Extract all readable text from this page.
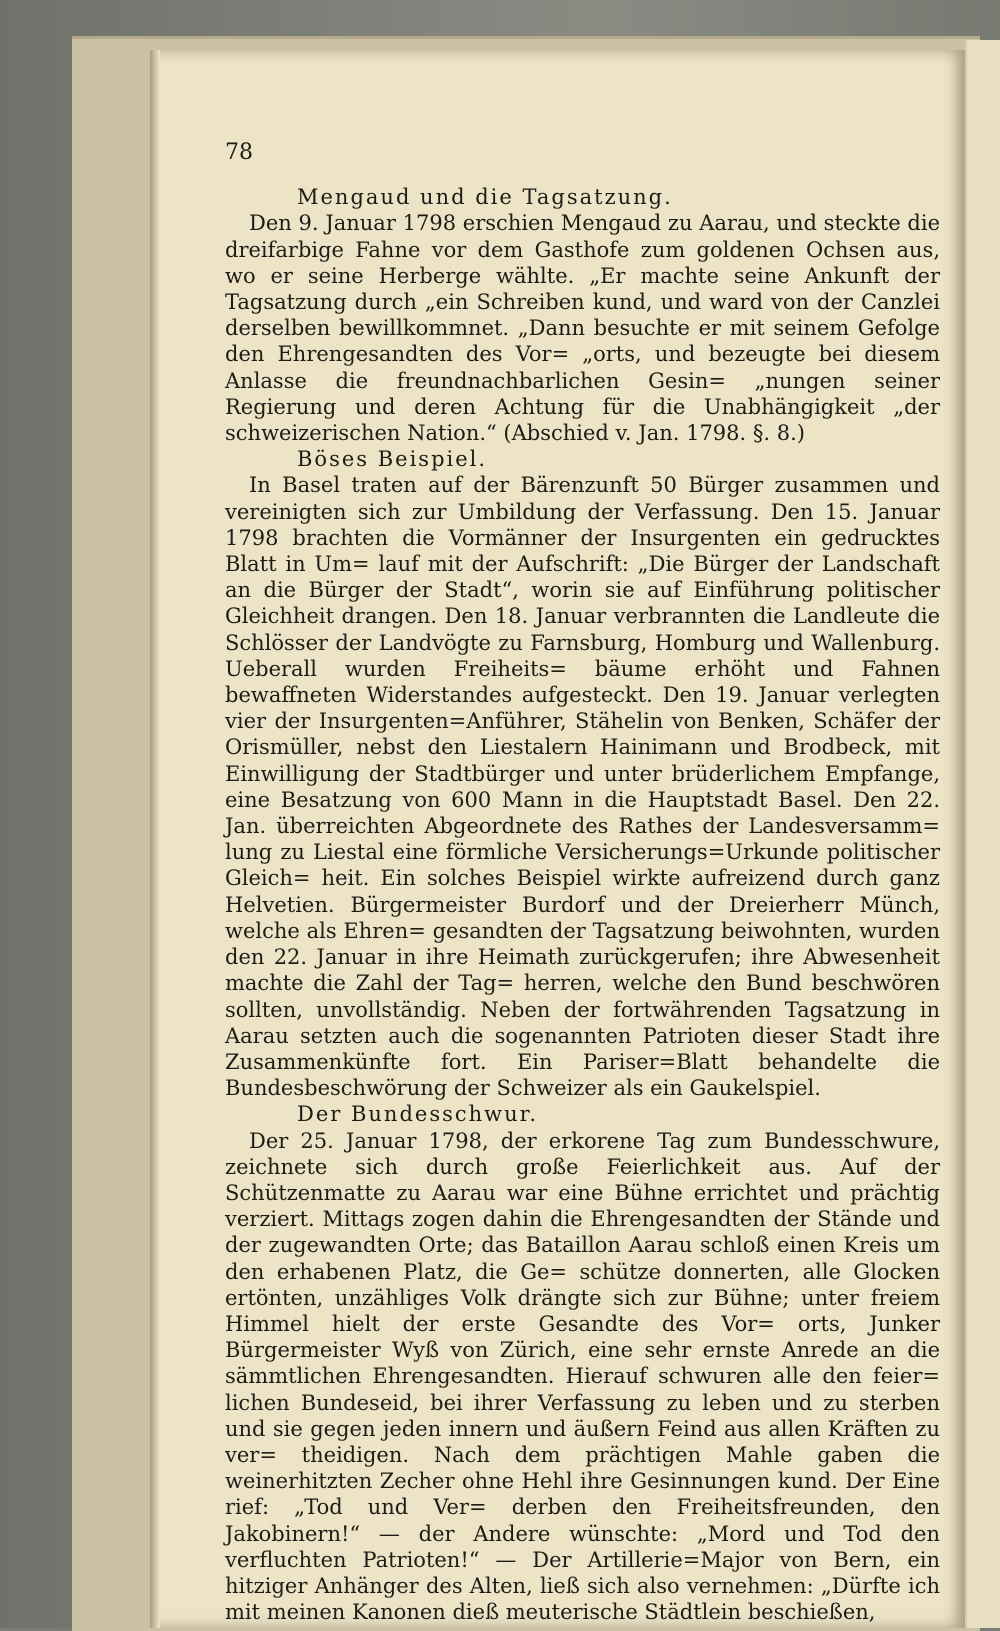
78

Mengaud und die Tagsatzung.

Den 9. Januar 1798 erschien Mengaud zu Aarau, und steckte die dreifarbige Fahne vor dem Gasthofe zum goldenen Ochsen aus, wo er seine Herberge wählte. „Er machte seine Ankunft der Tagsatzung durch „ein Schreiben kund, und ward von der Canzlei derselben bewillkommnet. „Dann besuchte er mit seinem Gefolge den Ehrengesandten des Vor= „orts, und bezeugte bei diesem Anlasse die freundnachbarlichen Gesin= „nungen seiner Regierung und deren Achtung für die Unabhängigkeit „der schweizerischen Nation.“ (Abschied v. Jan. 1798. §. 8.)

Böses Beispiel.

In Basel traten auf der Bärenzunft 50 Bürger zusammen und vereinigten sich zur Umbildung der Verfassung. Den 15. Januar 1798 brachten die Vormänner der Insurgenten ein gedrucktes Blatt in Um= lauf mit der Aufschrift: „Die Bürger der Landschaft an die Bürger der Stadt“, worin sie auf Einführung politischer Gleichheit drangen. Den 18. Januar verbrannten die Landleute die Schlösser der Landvögte zu Farnsburg, Homburg und Wallenburg. Ueberall wurden Freiheits= bäume erhöht und Fahnen bewaffneten Widerstandes aufgesteckt. Den 19. Januar verlegten vier der Insurgenten=Anführer, Stähelin von Benken, Schäfer der Orismüller, nebst den Liestalern Hainimann und Brodbeck, mit Einwilligung der Stadtbürger und unter brüderlichem Empfange, eine Besatzung von 600 Mann in die Hauptstadt Basel. Den 22. Jan. überreichten Abgeordnete des Rathes der Landesversamm= lung zu Liestal eine förmliche Versicherungs=Urkunde politischer Gleich= heit. Ein solches Beispiel wirkte aufreizend durch ganz Helvetien. Bürgermeister Burdorf und der Dreierherr Münch, welche als Ehren= gesandten der Tagsatzung beiwohnten, wurden den 22. Januar in ihre Heimath zurückgerufen; ihre Abwesenheit machte die Zahl der Tag= herren, welche den Bund beschwören sollten, unvollständig. Neben der fortwährenden Tagsatzung in Aarau setzten auch die sogenannten Patrioten dieser Stadt ihre Zusammenkünfte fort. Ein Pariser=Blatt behandelte die Bundesbeschwörung der Schweizer als ein Gaukelspiel.

Der Bundesschwur.

Der 25. Januar 1798, der erkorene Tag zum Bundesschwure, zeichnete sich durch große Feierlichkeit aus. Auf der Schützenmatte zu Aarau war eine Bühne errichtet und prächtig verziert. Mittags zogen dahin die Ehrengesandten der Stände und der zugewandten Orte; das Bataillon Aarau schloß einen Kreis um den erhabenen Platz, die Ge= schütze donnerten, alle Glocken ertönten, unzähliges Volk drängte sich zur Bühne; unter freiem Himmel hielt der erste Gesandte des Vor= orts, Junker Bürgermeister Wyß von Zürich, eine sehr ernste Anrede an die sämmtlichen Ehrengesandten. Hierauf schwuren alle den feier= lichen Bundeseid, bei ihrer Verfassung zu leben und zu sterben und sie gegen jeden innern und äußern Feind aus allen Kräften zu ver= theidigen. Nach dem prächtigen Mahle gaben die weinerhitzten Zecher ohne Hehl ihre Gesinnungen kund. Der Eine rief: „Tod und Ver= derben den Freiheitsfreunden, den Jakobinern!“ — der Andere wünschte: „Mord und Tod den verfluchten Patrioten!“ — Der Artillerie=Major von Bern, ein hitziger Anhänger des Alten, ließ sich also vernehmen: „Dürfte ich mit meinen Kanonen dieß meuterische Städtlein beschießen,
